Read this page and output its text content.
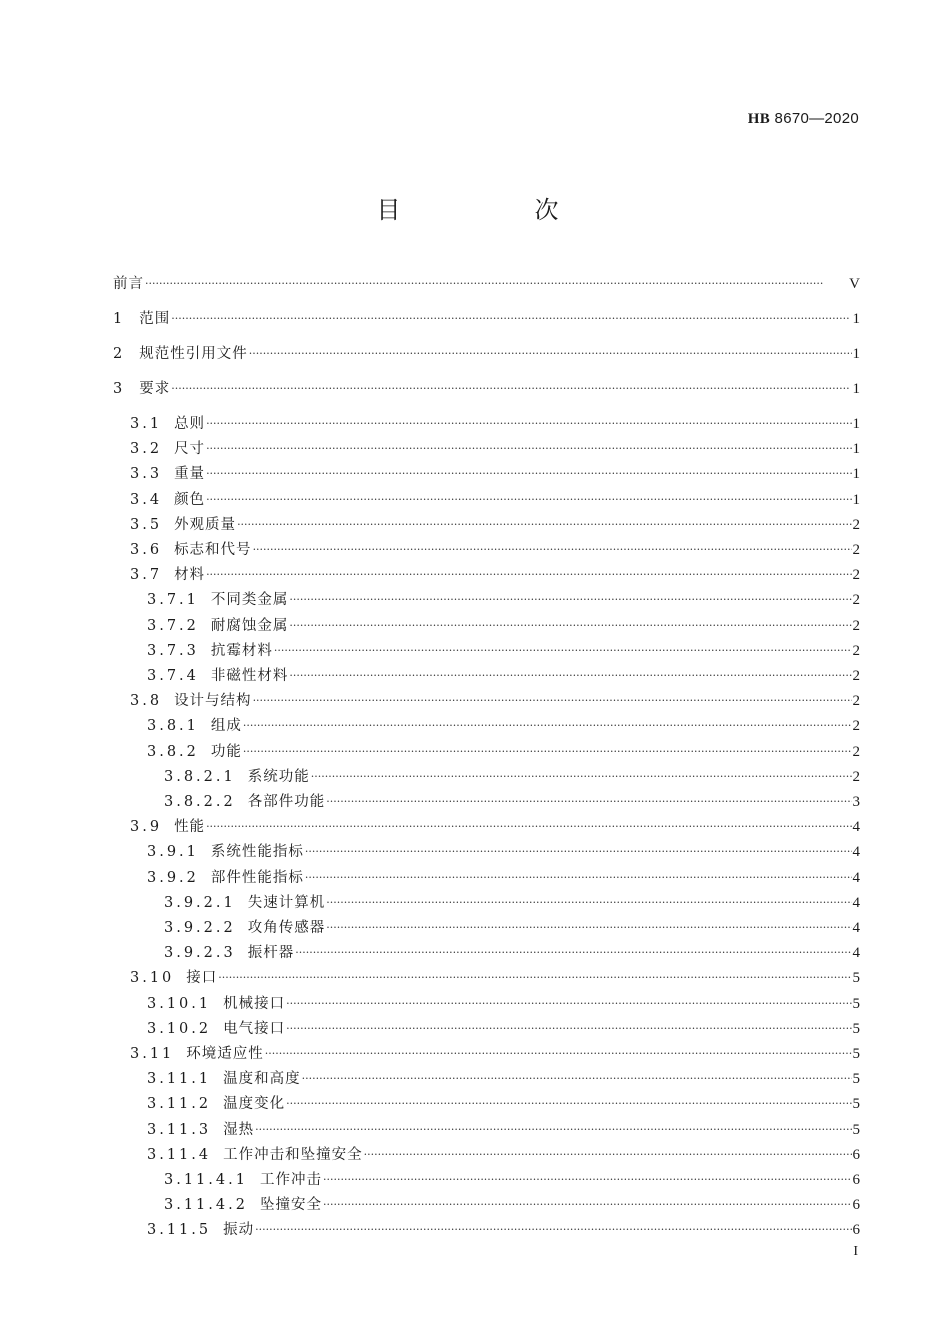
HB 8670—2020
目　次
前言 ·····	V
1 范围 ·····	1
2 规范性引用文件 ·····	1
3 要求 ·····	1
3.1 总则 ·····	1
3.2 尺寸 ·····	1
3.3 重量 ·····	1
3.4 颜色 ·····	1
3.5 外观质量 ·····	2
3.6 标志和代号 ·····	2
3.7 材料 ·····	2
3.7.1 不同类金属 ·····	2
3.7.2 耐腐蚀金属 ·····	2
3.7.3 抗霉材料 ·····	2
3.7.4 非磁性材料 ·····	2
3.8 设计与结构 ·····	2
3.8.1 组成 ·····	2
3.8.2 功能 ·····	2
3.8.2.1 系统功能 ·····	2
3.8.2.2 各部件功能 ·····	3
3.9 性能 ·····	4
3.9.1 系统性能指标 ·····	4
3.9.2 部件性能指标 ·····	4
3.9.2.1 失速计算机 ·····	4
3.9.2.2 攻角传感器 ·····	4
3.9.2.3 振杆器 ·····	4
3.10 接口 ·····	5
3.10.1 机械接口 ·····	5
3.10.2 电气接口 ·····	5
3.11 环境适应性 ·····	5
3.11.1 温度和高度 ·····	5
3.11.2 温度变化 ·····	5
3.11.3 湿热 ·····	5
3.11.4 工作冲击和坠撞安全 ·····	6
3.11.4.1 工作冲击 ·····	6
3.11.4.2 坠撞安全 ·····	6
3.11.5 振动 ·····	6
I
